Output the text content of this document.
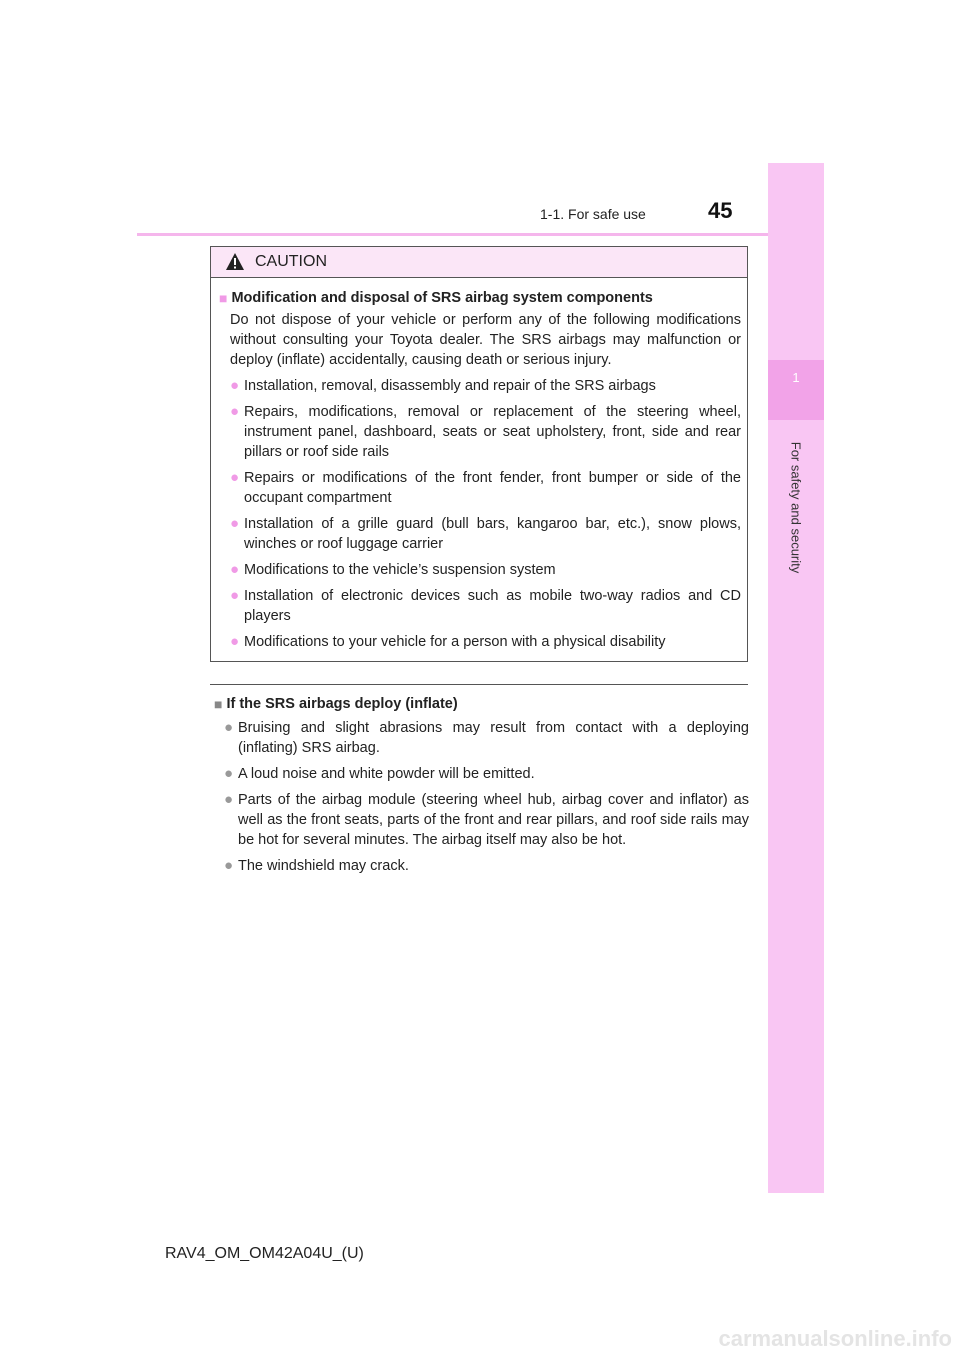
1-1. For safe use	45
1
For safety and security
CAUTION
■ Modification and disposal of SRS airbag system components
Do not dispose of your vehicle or perform any of the following modifications without consulting your Toyota dealer. The SRS airbags may malfunction or deploy (inflate) accidentally, causing death or serious injury.
● Installation, removal, disassembly and repair of the SRS airbags
● Repairs, modifications, removal or replacement of the steering wheel, instrument panel, dashboard, seats or seat upholstery, front, side and rear pillars or roof side rails
● Repairs or modifications of the front fender, front bumper or side of the occupant compartment
● Installation of a grille guard (bull bars, kangaroo bar, etc.), snow plows, winches or roof luggage carrier
● Modifications to the vehicle’s suspension system
● Installation of electronic devices such as mobile two-way radios and CD players
● Modifications to your vehicle for a person with a physical disability
■ If the SRS airbags deploy (inflate)
● Bruising and slight abrasions may result from contact with a deploying (inflating) SRS airbag.
● A loud noise and white powder will be emitted.
● Parts of the airbag module (steering wheel hub, airbag cover and inflator) as well as the front seats, parts of the front and rear pillars, and roof side rails may be hot for several minutes. The airbag itself may also be hot.
● The windshield may crack.
RAV4_OM_OM42A04U_(U)
carmanualsonline.info
